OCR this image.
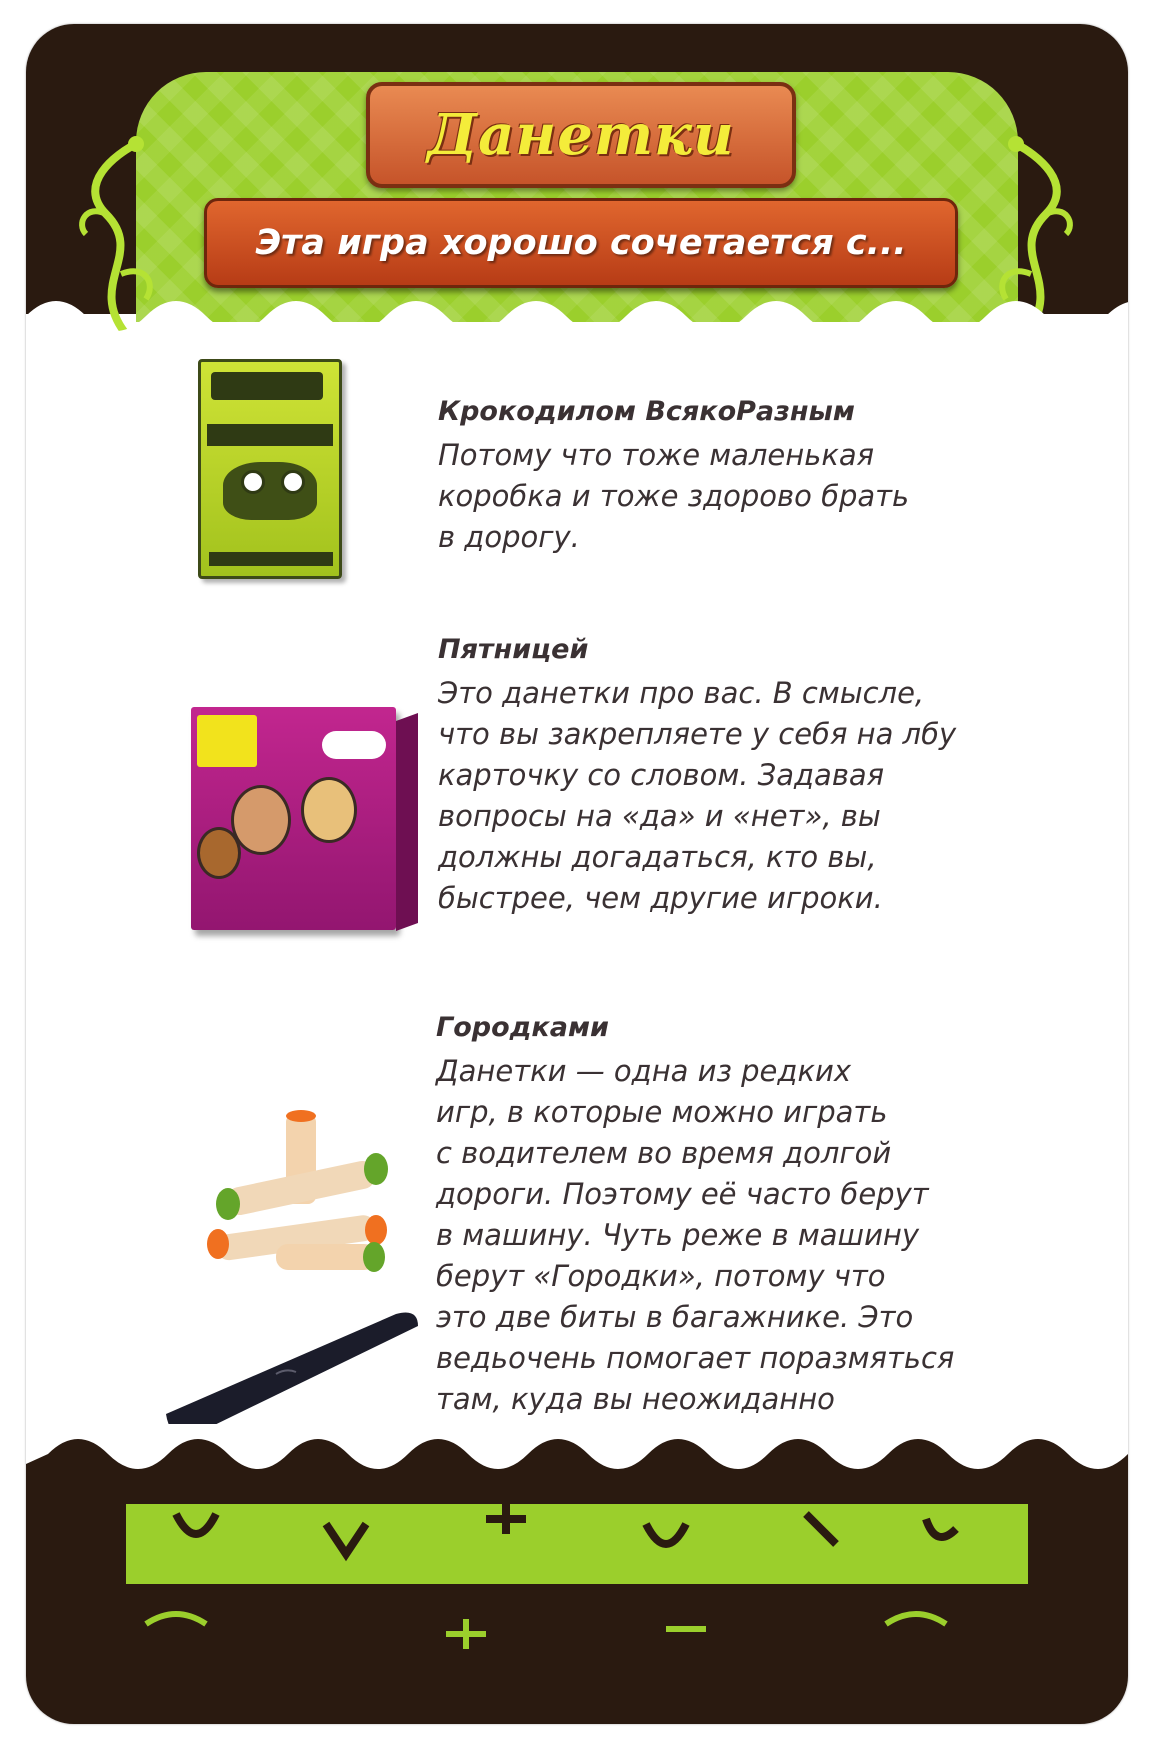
Данетки
Эта игра хорошо сочетается с...

Крокодилом ВсякоРазным

Потому что тоже маленькая
коробка и тоже здорово брать
в дорогу.

Пятницей

Это данетки про вас. В смысле,
что вы закрепляете у себя на лбу
карточку со словом. Задавая
вопросы на «да» и «нет», вы
должны догадаться, кто вы,
быстрее, чем другие игроки.

Городками

Данетки — одна из редких
игр, в которые можно играть
с водителем во время долгой
дороги. Поэтому её часто берут
в машину. Чуть реже в машину
берут «Городки», потому что
это две биты в багажнике. Это
ведьочень помогает поразмяться
там, куда вы неожиданно
